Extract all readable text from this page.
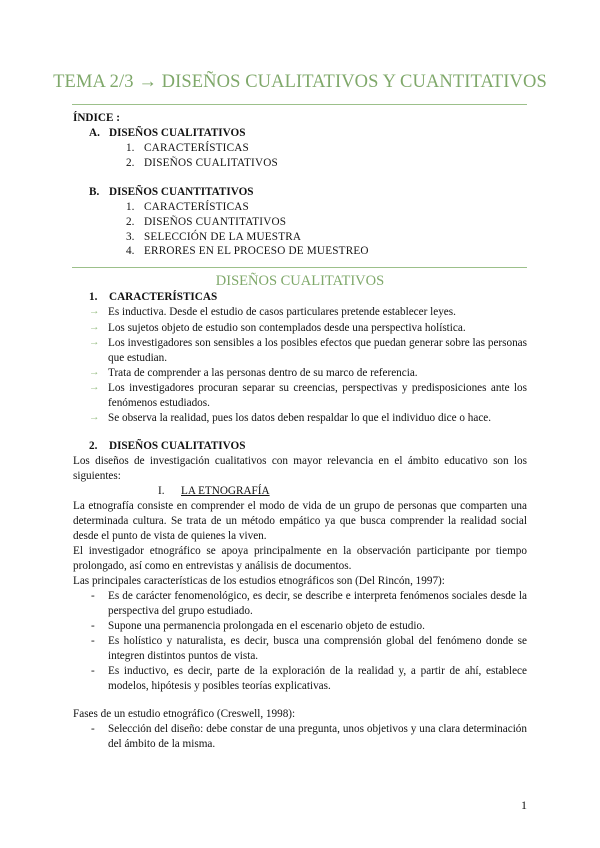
TEMA 2/3 → DISEÑOS CUALITATIVOS Y CUANTITATIVOS
ÍNDICE :
A. DISEÑOS CUALITATIVOS
1. CARACTERÍSTICAS
2. DISEÑOS CUALITATIVOS
B. DISEÑOS CUANTITATIVOS
1. CARACTERÍSTICAS
2. DISEÑOS CUANTITATIVOS
3. SELECCIÓN DE LA MUESTRA
4. ERRORES EN EL PROCESO DE MUESTREO
DISEÑOS CUALITATIVOS
1. CARACTERÍSTICAS
→ Es inductiva. Desde el estudio de casos particulares pretende establecer leyes.
→ Los sujetos objeto de estudio son contemplados desde una perspectiva holística.
→ Los investigadores son sensibles a los posibles efectos que puedan generar sobre las personas
que estudian.
→ Trata de comprender a las personas dentro de su marco de referencia.
→ Los investigadores procuran separar su creencias, perspectivas y predisposiciones ante los
fenómenos estudiados.
→ Se observa la realidad, pues los datos deben respaldar lo que el individuo dice o hace.
2. DISEÑOS CUALITATIVOS
Los diseños de investigación cualitativos con mayor relevancia en el ámbito educativo son los
siguientes:
I. LA ETNOGRAFÍA
La etnografía consiste en comprender el modo de vida de un grupo de personas que comparten una
determinada cultura. Se trata de un método empático ya que busca comprender la realidad social
desde el punto de vista de quienes la viven.
El investigador etnográfico se apoya principalmente en la observación participante por tiempo
prolongado, así como en entrevistas y análisis de documentos.
Las principales características de los estudios etnográficos son (Del Rincón, 1997):
- Es de carácter fenomenológico, es decir, se describe e interpreta fenómenos sociales desde la
perspectiva del grupo estudiado.
- Supone una permanencia prolongada en el escenario objeto de estudio.
- Es holístico y naturalista, es decir, busca una comprensión global del fenómeno donde se
integren distintos puntos de vista.
- Es inductivo, es decir, parte de la exploración de la realidad y, a partir de ahí, establece
modelos, hipótesis y posibles teorías explicativas.
Fases de un estudio etnográfico (Creswell, 1998):
- Selección del diseño: debe constar de una pregunta, unos objetivos y una clara determinación
del ámbito de la misma.
1
